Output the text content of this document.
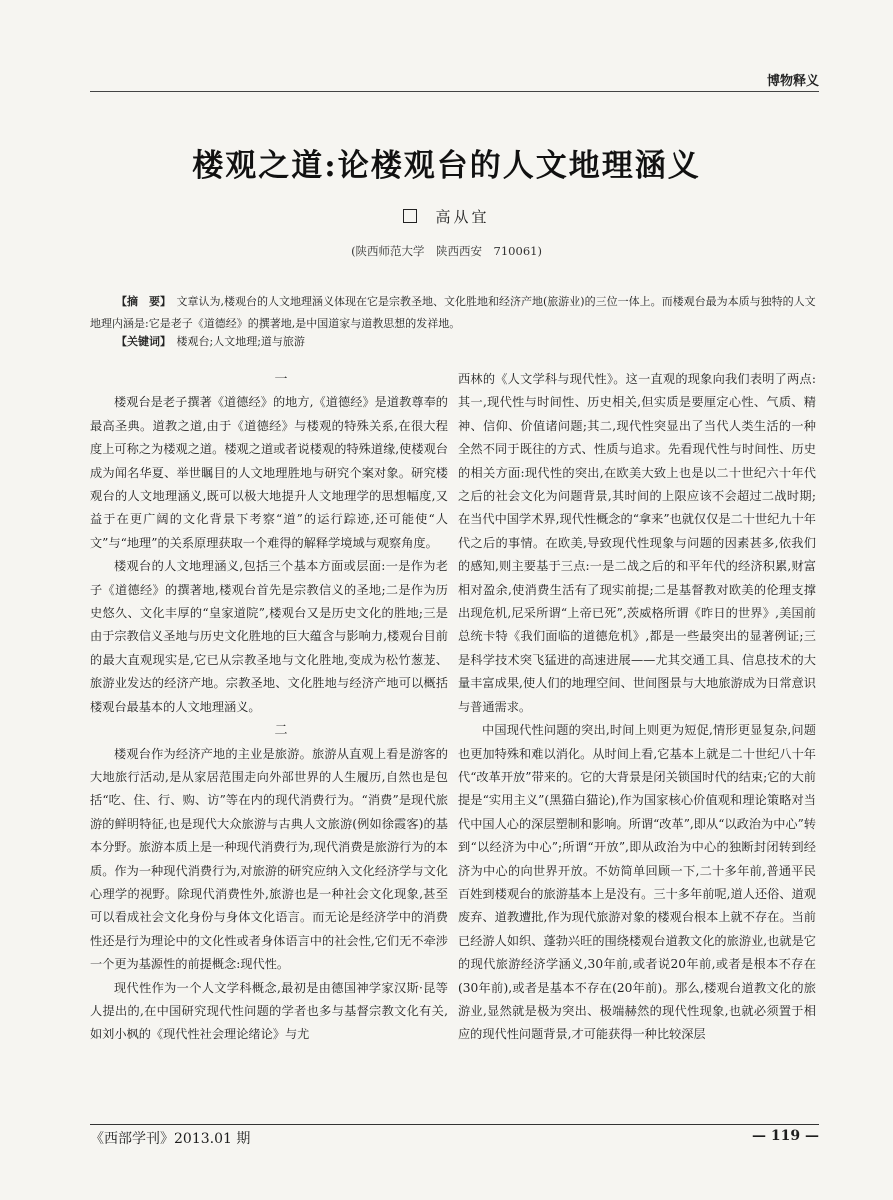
博物释义
楼观之道:论楼观台的人文地理涵义
高从宜
(陕西师范大学　陕西西安　710061)

【摘　要】　 文章认为,楼观台的人文地理涵义体现在它是宗教圣地、文化胜地和经济产地(旅游业)的三位一体上。而楼观台最为本质与独特的人文地理内涵是:它是老子《道德经》的撰著地,是中国道家与道教思想的发祥地。

【关键词】　 楼观台;人文地理;道与旅游

一

楼观台是老子撰著《道德经》的地方,《道德经》是道教尊奉的最高圣典。道教之道,由于《道德经》与楼观的特殊关系,在很大程度上可称之为楼观之道。楼观之道或者说楼观的特殊道缘,使楼观台成为闻名华夏、举世瞩目的人文地理胜地与研究个案对象。研究楼观台的人文地理涵义,既可以极大地提升人文地理学的思想幅度,又益于在更广阔的文化背景下考察“道”的运行踪迹,还可能使“人文”与“地理”的关系原理获取一个难得的解释学境域与观察角度。

楼观台的人文地理涵义,包括三个基本方面或层面:一是作为老子《道德经》的撰著地,楼观台首先是宗教信义的圣地;二是作为历史悠久、文化丰厚的“皇家道院”,楼观台又是历史文化的胜地;三是由于宗教信义圣地与历史文化胜地的巨大蕴含与影响力,楼观台目前的最大直观现实是,它已从宗教圣地与文化胜地,变成为松竹葱茏、旅游业发达的经济产地。宗教圣地、文化胜地与经济产地可以概括楼观台最基本的人文地理涵义。

二

楼观台作为经济产地的主业是旅游。旅游从直观上看是游客的大地旅行活动,是从家居范围走向外部世界的人生履历,自然也是包括“吃、住、行、购、访”等在内的现代消费行为。“消费”是现代旅游的鲜明特征,也是现代大众旅游与古典人文旅游(例如徐霞客)的基本分野。旅游本质上是一种现代消费行为,现代消费是旅游行为的本质。作为一种现代消费行为,对旅游的研究应纳入文化经济学与文化心理学的视野。除现代消费性外,旅游也是一种社会文化现象,甚至可以看成社会文化身份与身体文化语言。而无论是经济学中的消费性还是行为理论中的文化性或者身体语言中的社会性,它们无不牵涉一个更为基源性的前提概念:现代性。

现代性作为一个人文学科概念,最初是由德国神学家汉斯·昆等人提出的,在中国研究现代性问题的学者也多与基督宗教文化有关,如刘小枫的《现代性社会理论绪论》与尤

西林的《人文学科与现代性》。这一直观的现象向我们表明了两点:其一,现代性与时间性、历史相关,但实质是要厘定心性、气质、精神、信仰、价值诸问题;其二,现代性突显出了当代人类生活的一种全然不同于既往的方式、性质与追求。先看现代性与时间性、历史的相关方面:现代性的突出,在欧美大致上也是以二十世纪六十年代之后的社会文化为问题背景,其时间的上限应该不会超过二战时期;在当代中国学术界,现代性概念的“拿来”也就仅仅是二十世纪九十年代之后的事情。在欧美,导致现代性现象与问题的因素甚多,依我们的感知,则主要基于三点:一是二战之后的和平年代的经济积累,财富相对盈余,使消费生活有了现实前提;二是基督教对欧美的伦理支撑出现危机,尼采所谓“上帝已死”,茨威格所谓《昨日的世界》,美国前总统卡特《我们面临的道德危机》,都是一些最突出的显著例证;三是科学技术突飞猛进的高速进展——尤其交通工具、信息技术的大量丰富成果,使人们的地理空间、世间图景与大地旅游成为日常意识与普通需求。

中国现代性问题的突出,时间上则更为短促,情形更显复杂,问题也更加特殊和难以消化。从时间上看,它基本上就是二十世纪八十年代“改革开放”带来的。它的大背景是闭关锁国时代的结束;它的大前提是“实用主义”(黑猫白猫论),作为国家核心价值观和理论策略对当代中国人心的深层塑制和影响。所谓“改革”,即从“以政治为中心”转到“以经济为中心”;所谓“开放”,即从政治为中心的独断封闭转到经济为中心的向世界开放。不妨简单回顾一下,二十多年前,普通平民百姓到楼观台的旅游基本上是没有。三十多年前呢,道人还俗、道观废弃、道教遭批,作为现代旅游对象的楼观台根本上就不存在。当前已经游人如织、蓬勃兴旺的围绕楼观台道教文化的旅游业,也就是它的现代旅游经济学涵义,30年前,或者说20年前,或者是根本不存在(30年前),或者是基本不存在(20年前)。那么,楼观台道教文化的旅游业,显然就是极为突出、极端赫然的现代性现象,也就必须置于相应的现代性问题背景,才可能获得一种比较深层

《西部学刊》2013.01 期	— 119 —
